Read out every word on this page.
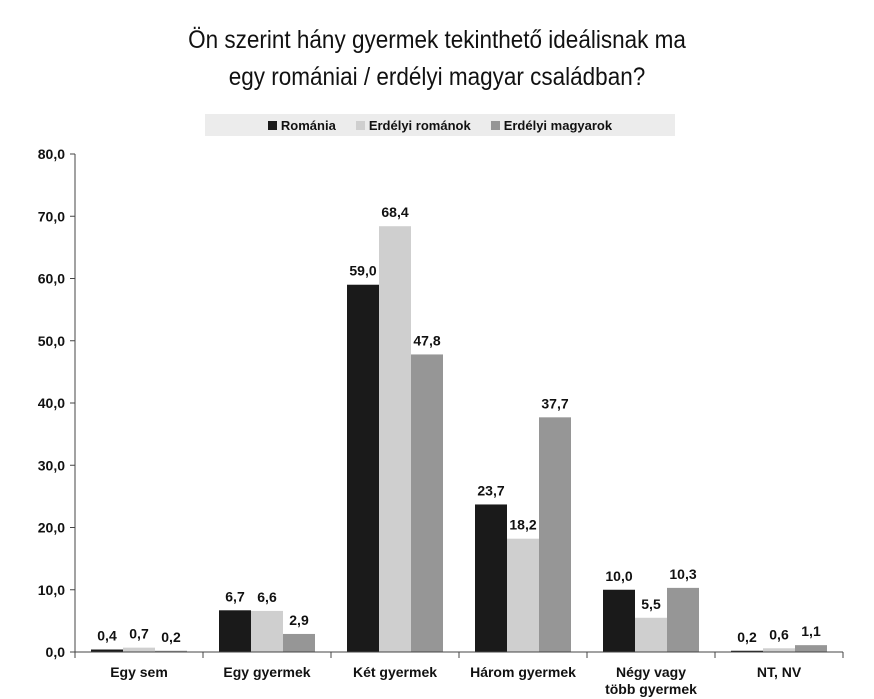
Ön szerint hány gyermek tekinthető ideálisnak ma
egy romániai / erdélyi magyar családban?
Románia	Erdélyi románok	Erdélyi magyarok
0,0
10,0
20,0
30,0
40,0
50,0
60,0
70,0
80,0
0,4 0,7 0,2
Egy sem
6,7 6,6
2,9
Egy gyermek
59,0
68,4
47,8
Két gyermek
23,7
18,2
37,7
Három gyermek
10,0
5,5
10,3
Négy vagy több gyermek
0,2 0,6 1,1
NT, NV
